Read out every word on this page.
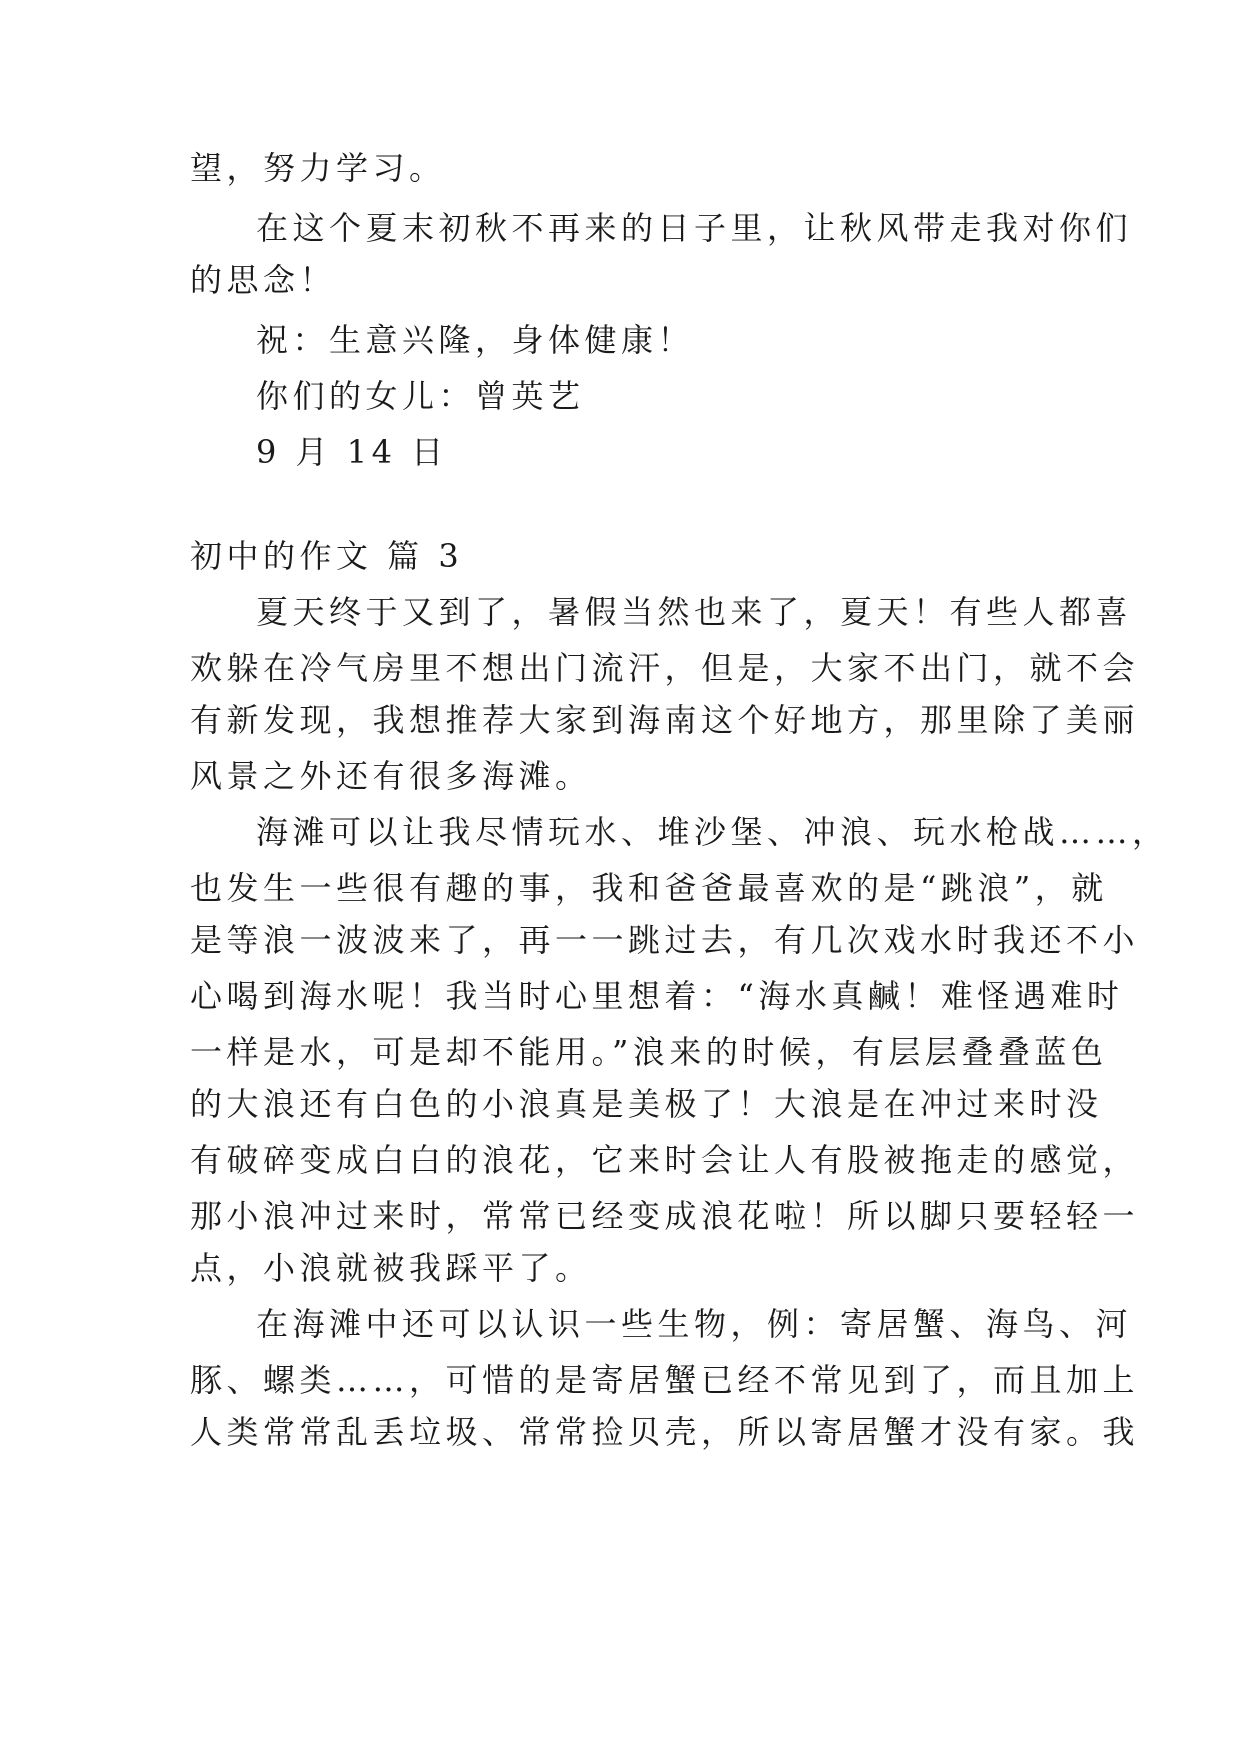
望，努力学习。
在这个夏末初秋不再来的日子里，让秋风带走我对你们
的思念！
祝：生意兴隆，身体健康！
你们的女儿：曾英艺
9 月 14 日
初中的作文 篇 3
夏天终于又到了，暑假当然也来了，夏天！有些人都喜
欢躲在冷气房里不想出门流汗，但是，大家不出门，就不会
有新发现，我想推荐大家到海南这个好地方，那里除了美丽
风景之外还有很多海滩。
海滩可以让我尽情玩水、堆沙堡、冲浪、玩水枪战……，
也发生一些很有趣的事，我和爸爸最喜欢的是“跳浪”，就
是等浪一波波来了，再一一跳过去，有几次戏水时我还不小
心喝到海水呢！我当时心里想着：“海水真鹹！难怪遇难时
一样是水，可是却不能用。”浪来的时候，有层层叠叠蓝色
的大浪还有白色的小浪真是美极了！大浪是在冲过来时没
有破碎变成白白的浪花，它来时会让人有股被拖走的感觉，
那小浪冲过来时，常常已经变成浪花啦！所以脚只要轻轻一
点，小浪就被我踩平了。
在海滩中还可以认识一些生物，例：寄居蟹、海鸟、河
豚、螺类……，可惜的是寄居蟹已经不常见到了，而且加上
人类常常乱丢垃圾、常常捡贝壳，所以寄居蟹才没有家。我
